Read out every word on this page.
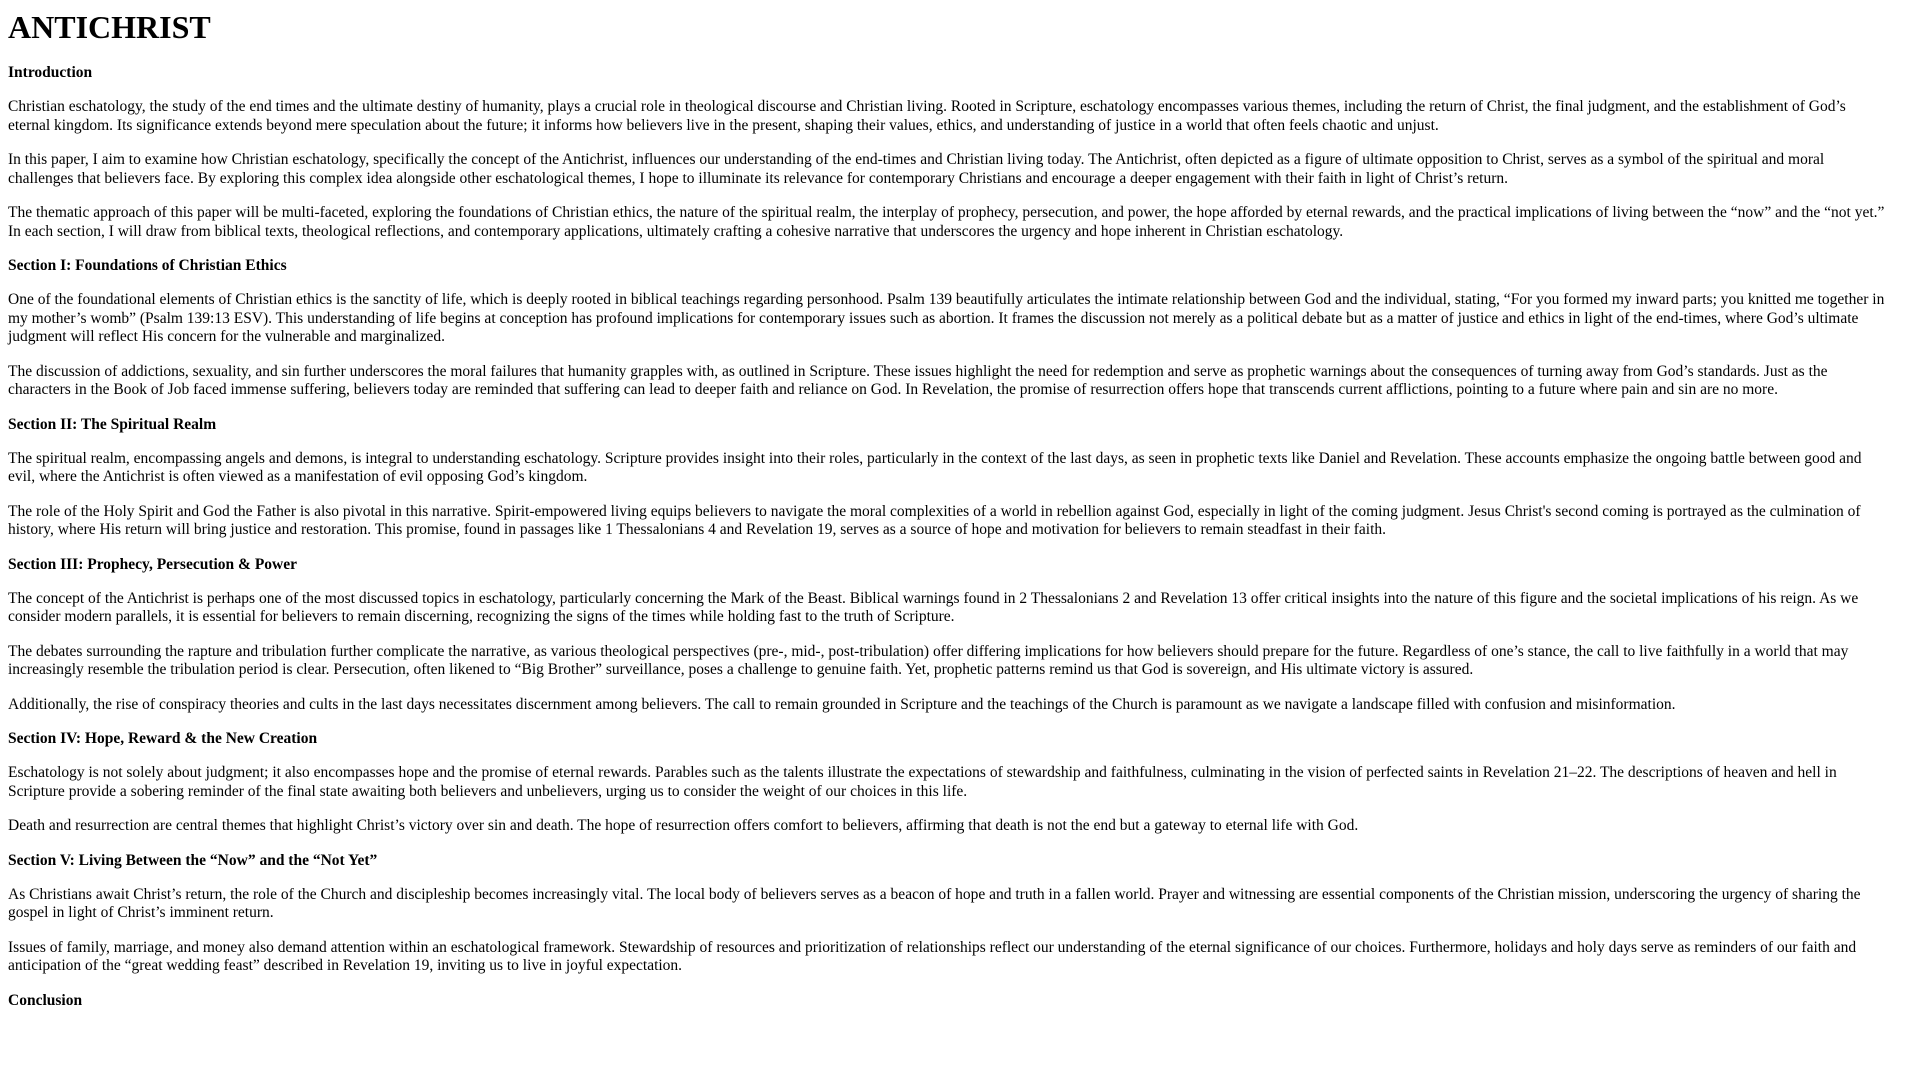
ANTICHRIST
Introduction

Christian eschatology, the study of the end times and the ultimate destiny of humanity, plays a crucial role in theological discourse and Christian living. Rooted in Scripture, eschatology encompasses various themes, including the return of Christ, the final judgment, and the establishment of God’s eternal kingdom. Its significance extends beyond mere speculation about the future; it informs how believers live in the present, shaping their values, ethics, and understanding of justice in a world that often feels chaotic and unjust.

In this paper, I aim to examine how Christian eschatology, specifically the concept of the Antichrist, influences our understanding of the end-times and Christian living today. The Antichrist, often depicted as a figure of ultimate opposition to Christ, serves as a symbol of the spiritual and moral challenges that believers face. By exploring this complex idea alongside other eschatological themes, I hope to illuminate its relevance for contemporary Christians and encourage a deeper engagement with their faith in light of Christ’s return.

The thematic approach of this paper will be multi-faceted, exploring the foundations of Christian ethics, the nature of the spiritual realm, the interplay of prophecy, persecution, and power, the hope afforded by eternal rewards, and the practical implications of living between the “now” and the “not yet.” In each section, I will draw from biblical texts, theological reflections, and contemporary applications, ultimately crafting a cohesive narrative that underscores the urgency and hope inherent in Christian eschatology.

Section I: Foundations of Christian Ethics

One of the foundational elements of Christian ethics is the sanctity of life, which is deeply rooted in biblical teachings regarding personhood. Psalm 139 beautifully articulates the intimate relationship between God and the individual, stating, “For you formed my inward parts; you knitted me together in my mother’s womb” (Psalm 139:13 ESV). This understanding of life begins at conception has profound implications for contemporary issues such as abortion. It frames the discussion not merely as a political debate but as a matter of justice and ethics in light of the end-times, where God’s ultimate judgment will reflect His concern for the vulnerable and marginalized.

The discussion of addictions, sexuality, and sin further underscores the moral failures that humanity grapples with, as outlined in Scripture. These issues highlight the need for redemption and serve as prophetic warnings about the consequences of turning away from God’s standards. Just as the characters in the Book of Job faced immense suffering, believers today are reminded that suffering can lead to deeper faith and reliance on God. In Revelation, the promise of resurrection offers hope that transcends current afflictions, pointing to a future where pain and sin are no more.

Section II: The Spiritual Realm

The spiritual realm, encompassing angels and demons, is integral to understanding eschatology. Scripture provides insight into their roles, particularly in the context of the last days, as seen in prophetic texts like Daniel and Revelation. These accounts emphasize the ongoing battle between good and evil, where the Antichrist is often viewed as a manifestation of evil opposing God’s kingdom.

The role of the Holy Spirit and God the Father is also pivotal in this narrative. Spirit-empowered living equips believers to navigate the moral complexities of a world in rebellion against God, especially in light of the coming judgment. Jesus Christ's second coming is portrayed as the culmination of history, where His return will bring justice and restoration. This promise, found in passages like 1 Thessalonians 4 and Revelation 19, serves as a source of hope and motivation for believers to remain steadfast in their faith.

Section III: Prophecy, Persecution & Power

The concept of the Antichrist is perhaps one of the most discussed topics in eschatology, particularly concerning the Mark of the Beast. Biblical warnings found in 2 Thessalonians 2 and Revelation 13 offer critical insights into the nature of this figure and the societal implications of his reign. As we consider modern parallels, it is essential for believers to remain discerning, recognizing the signs of the times while holding fast to the truth of Scripture.

The debates surrounding the rapture and tribulation further complicate the narrative, as various theological perspectives (pre-, mid-, post-tribulation) offer differing implications for how believers should prepare for the future. Regardless of one’s stance, the call to live faithfully in a world that may increasingly resemble the tribulation period is clear. Persecution, often likened to “Big Brother” surveillance, poses a challenge to genuine faith. Yet, prophetic patterns remind us that God is sovereign, and His ultimate victory is assured.

Additionally, the rise of conspiracy theories and cults in the last days necessitates discernment among believers. The call to remain grounded in Scripture and the teachings of the Church is paramount as we navigate a landscape filled with confusion and misinformation.

Section IV: Hope, Reward & the New Creation

Eschatology is not solely about judgment; it also encompasses hope and the promise of eternal rewards. Parables such as the talents illustrate the expectations of stewardship and faithfulness, culminating in the vision of perfected saints in Revelation 21–22. The descriptions of heaven and hell in Scripture provide a sobering reminder of the final state awaiting both believers and unbelievers, urging us to consider the weight of our choices in this life.

Death and resurrection are central themes that highlight Christ’s victory over sin and death. The hope of resurrection offers comfort to believers, affirming that death is not the end but a gateway to eternal life with God.

Section V: Living Between the “Now” and the “Not Yet”

As Christians await Christ’s return, the role of the Church and discipleship becomes increasingly vital. The local body of believers serves as a beacon of hope and truth in a fallen world. Prayer and witnessing are essential components of the Christian mission, underscoring the urgency of sharing the gospel in light of Christ’s imminent return.

Issues of family, marriage, and money also demand attention within an eschatological framework. Stewardship of resources and prioritization of relationships reflect our understanding of the eternal significance of our choices. Furthermore, holidays and holy days serve as reminders of our faith and anticipation of the “great wedding feast” described in Revelation 19, inviting us to live in joyful expectation.

Conclusion
